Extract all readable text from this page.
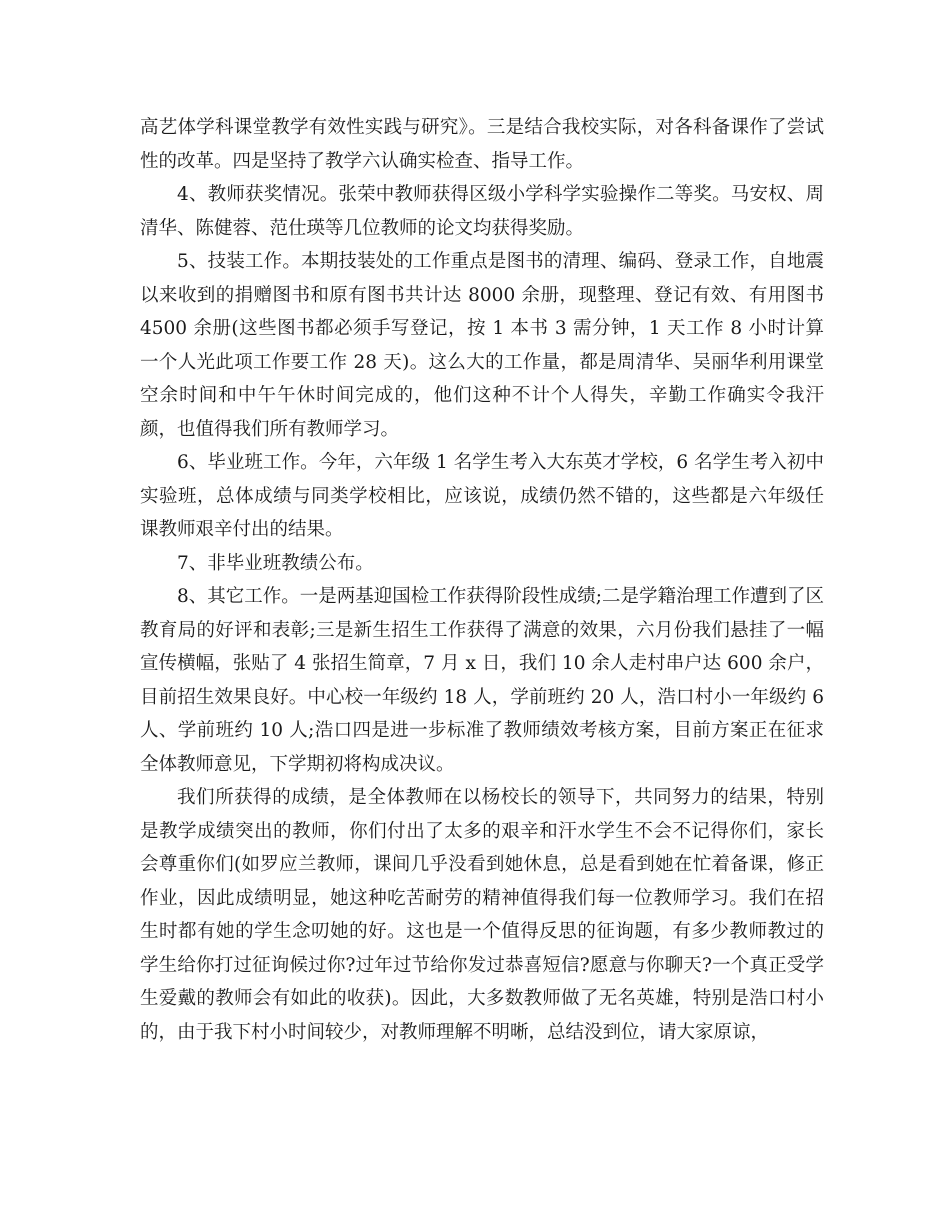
高艺体学科课堂教学有效性实践与研究》。三是结合我校实际，对各科备课作了尝试性的改革。四是坚持了教学六认确实检查、指导工作。

4、教师获奖情况。张荣中教师获得区级小学科学实验操作二等奖。马安权、周清华、陈健蓉、范仕瑛等几位教师的论文均获得奖励。

5、技装工作。本期技装处的工作重点是图书的清理、编码、登录工作，自地震以来收到的捐赠图书和原有图书共计达 8000 余册，现整理、登记有效、有用图书 4500 余册(这些图书都必须手写登记，按 1 本书 3 需分钟，1 天工作 8 小时计算一个人光此项工作要工作 28 天)。这么大的工作量，都是周清华、吴丽华利用课堂空余时间和中午午休时间完成的，他们这种不计个人得失，辛勤工作确实令我汗颜，也值得我们所有教师学习。

6、毕业班工作。今年，六年级 1 名学生考入大东英才学校，6 名学生考入初中实验班，总体成绩与同类学校相比，应该说，成绩仍然不错的，这些都是六年级任课教师艰辛付出的结果。

7、非毕业班教绩公布。

8、其它工作。一是两基迎国检工作获得阶段性成绩;二是学籍治理工作遭到了区教育局的好评和表彰;三是新生招生工作获得了满意的效果，六月份我们悬挂了一幅宣传横幅，张贴了 4 张招生简章，7 月 x 日，我们 10 余人走村串户达 600 余户，目前招生效果良好。中心校一年级约 18 人，学前班约 20 人，浩口村小一年级约 6 人、学前班约 10 人;浩口四是进一步标准了教师绩效考核方案，目前方案正在征求全体教师意见，下学期初将构成决议。

我们所获得的成绩，是全体教师在以杨校长的领导下，共同努力的结果，特别是教学成绩突出的教师，你们付出了太多的艰辛和汗水学生不会不记得你们，家长会尊重你们(如罗应兰教师，课间几乎没看到她休息，总是看到她在忙着备课，修正作业，因此成绩明显，她这种吃苦耐劳的精神值得我们每一位教师学习。我们在招生时都有她的学生念叨她的好。这也是一个值得反思的征询题，有多少教师教过的学生给你打过征询候过你?过年过节给你发过恭喜短信?愿意与你聊天?一个真正受学生爱戴的教师会有如此的收获)。因此，大多数教师做了无名英雄，特别是浩口村小的，由于我下村小时间较少，对教师理解不明晰，总结没到位，请大家原谅，
